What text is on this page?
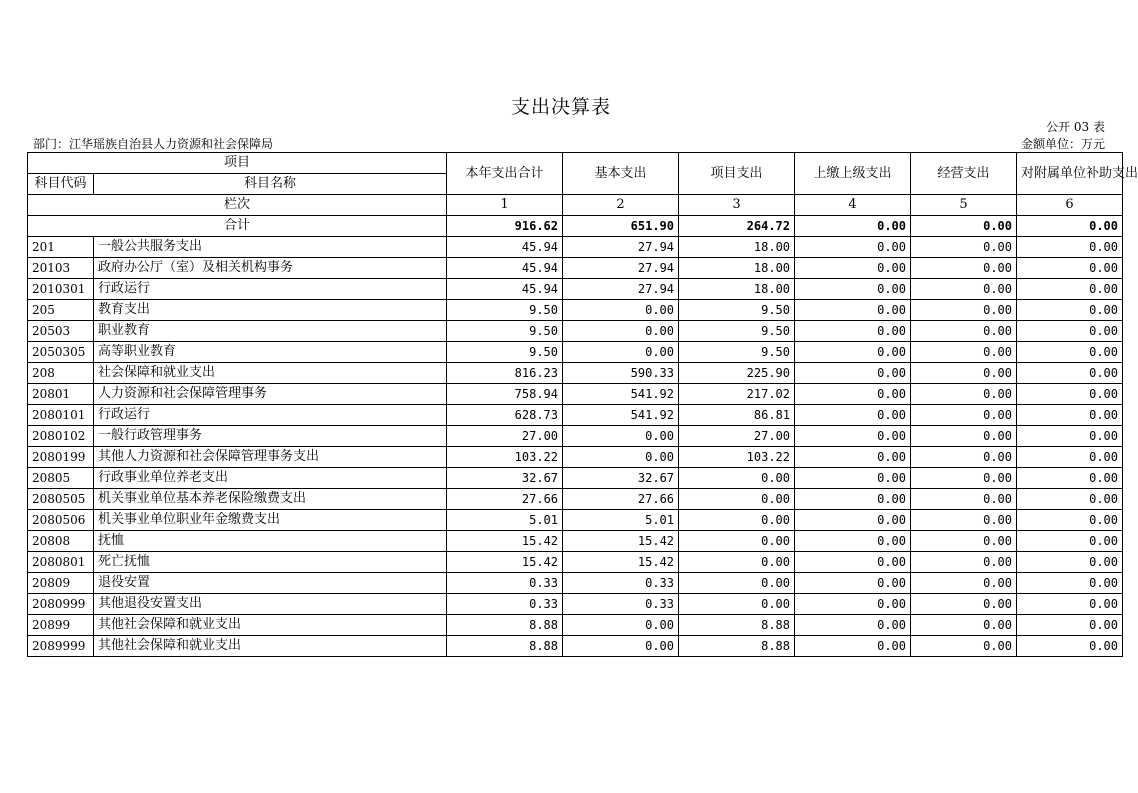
支出决算表
公开 03 表
部门：江华瑶族自治县人力资源和社会保障局	金额单位：万元
项目		本年支出合计	基本支出	项目支出	上缴上级支出	经营支出	对附属单位补助支出
科目代码	科目名称						
栏次		1	2	3	4	5	6
合计		916.62	651.90	264.72	0.00	0.00	0.00
201	一般公共服务支出	45.94	27.94	18.00	0.00	0.00	0.00
20103	政府办公厅（室）及相关机构事务	45.94	27.94	18.00	0.00	0.00	0.00
2010301	行政运行	45.94	27.94	18.00	0.00	0.00	0.00
205	教育支出	9.50	0.00	9.50	0.00	0.00	0.00
20503	职业教育	9.50	0.00	9.50	0.00	0.00	0.00
2050305	高等职业教育	9.50	0.00	9.50	0.00	0.00	0.00
208	社会保障和就业支出	816.23	590.33	225.90	0.00	0.00	0.00
20801	人力资源和社会保障管理事务	758.94	541.92	217.02	0.00	0.00	0.00
2080101	行政运行	628.73	541.92	86.81	0.00	0.00	0.00
2080102	一般行政管理事务	27.00	0.00	27.00	0.00	0.00	0.00
2080199	其他人力资源和社会保障管理事务支出	103.22	0.00	103.22	0.00	0.00	0.00
20805	行政事业单位养老支出	32.67	32.67	0.00	0.00	0.00	0.00
2080505	机关事业单位基本养老保险缴费支出	27.66	27.66	0.00	0.00	0.00	0.00
2080506	机关事业单位职业年金缴费支出	5.01	5.01	0.00	0.00	0.00	0.00
20808	抚恤	15.42	15.42	0.00	0.00	0.00	0.00
2080801	死亡抚恤	15.42	15.42	0.00	0.00	0.00	0.00
20809	退役安置	0.33	0.33	0.00	0.00	0.00	0.00
2080999	其他退役安置支出	0.33	0.33	0.00	0.00	0.00	0.00
20899	其他社会保障和就业支出	8.88	0.00	8.88	0.00	0.00	0.00
2089999	其他社会保障和就业支出	8.88	0.00	8.88	0.00	0.00	0.00
